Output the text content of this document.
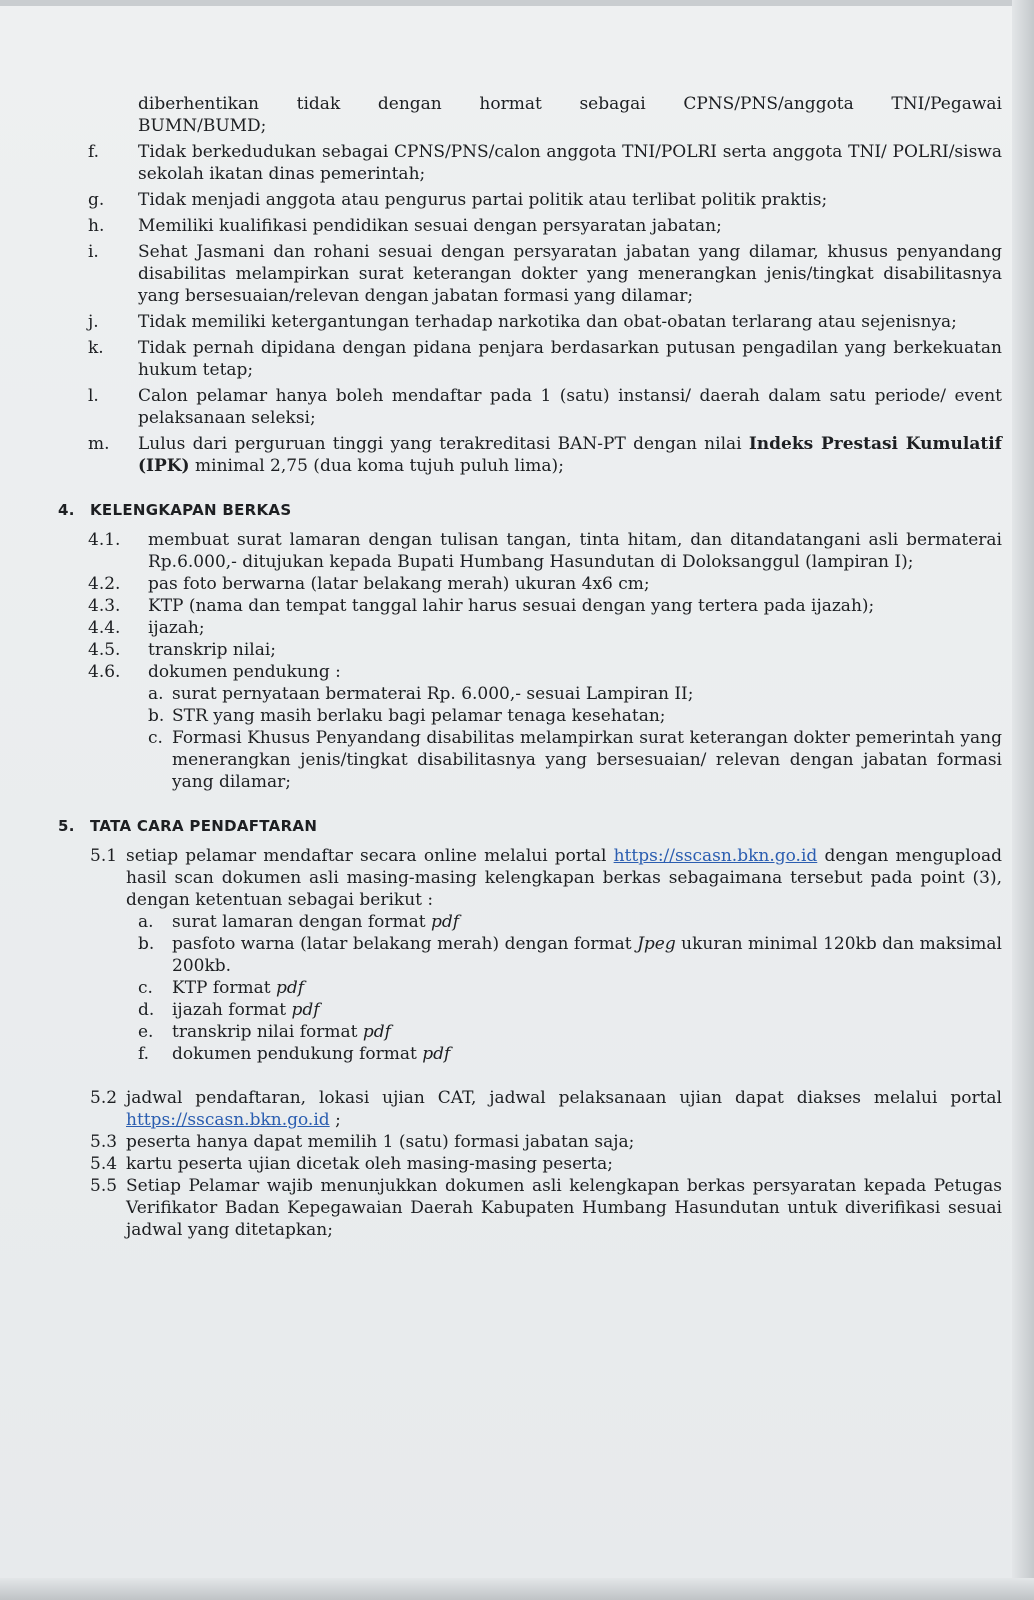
diberhentikan tidak dengan hormat sebagai CPNS/PNS/anggota TNI/Pegawai
BUMN/BUMD;
f.	Tidak berkedudukan sebagai CPNS/PNS/calon anggota TNI/POLRI serta anggota TNI/ POLRI/siswa sekolah ikatan dinas pemerintah;
g.	Tidak menjadi anggota atau pengurus partai politik atau terlibat politik praktis;
h.	Memiliki kualifikasi pendidikan sesuai dengan persyaratan jabatan;
i.	Sehat Jasmani dan rohani sesuai dengan persyaratan jabatan yang dilamar, khusus penyandang disabilitas melampirkan surat keterangan dokter yang menerangkan jenis/tingkat disabilitasnya yang bersesuaian/relevan dengan jabatan formasi yang dilamar;
j.	Tidak memiliki ketergantungan terhadap narkotika dan obat-obatan terlarang atau sejenisnya;
k.	Tidak pernah dipidana dengan pidana penjara berdasarkan putusan pengadilan yang berkekuatan hukum tetap;
l.	Calon pelamar hanya boleh mendaftar pada 1 (satu) instansi/ daerah dalam satu periode/ event pelaksanaan seleksi;
m.	Lulus dari perguruan tinggi yang terakreditasi BAN-PT dengan nilai Indeks Prestasi Kumulatif (IPK) minimal 2,75 (dua koma tujuh puluh lima);
4.	KELENGKAPAN BERKAS
4.1.	membuat surat lamaran dengan tulisan tangan, tinta hitam, dan ditandatangani asli bermaterai Rp.6.000,- ditujukan kepada Bupati Humbang Hasundutan di Doloksanggul (lampiran I);
4.2.	pas foto berwarna (latar belakang merah) ukuran 4x6 cm;
4.3.	KTP (nama dan tempat tanggal lahir harus sesuai dengan yang tertera pada ijazah);
4.4.	ijazah;
4.5.	transkrip nilai;
4.6.	dokumen pendukung :
a. surat pernyataan bermaterai Rp. 6.000,- sesuai Lampiran II;
b. STR yang masih berlaku bagi pelamar tenaga kesehatan;
c. Formasi Khusus Penyandang disabilitas melampirkan surat keterangan dokter pemerintah yang menerangkan jenis/tingkat disabilitasnya yang bersesuaian/ relevan dengan jabatan formasi yang dilamar;
5.	TATA CARA PENDAFTARAN
5.1 setiap pelamar mendaftar secara online melalui portal https://sscasn.bkn.go.id dengan mengupload hasil scan dokumen asli masing-masing kelengkapan berkas sebagaimana tersebut pada point (3), dengan ketentuan sebagai berikut :
a.	surat lamaran dengan format pdf
b.	pasfoto warna (latar belakang merah) dengan format Jpeg ukuran minimal 120kb dan maksimal 200kb.
c.	KTP format pdf
d.	ijazah format pdf
e.	transkrip nilai format pdf
f.	dokumen pendukung format pdf
5.2 jadwal pendaftaran, lokasi ujian CAT, jadwal pelaksanaan ujian dapat diakses melalui portal https://sscasn.bkn.go.id ;
5.3 peserta hanya dapat memilih 1 (satu) formasi jabatan saja;
5.4 kartu peserta ujian dicetak oleh masing-masing peserta;
5.5 Setiap Pelamar wajib menunjukkan dokumen asli kelengkapan berkas persyaratan kepada Petugas Verifikator Badan Kepegawaian Daerah Kabupaten Humbang Hasundutan untuk diverifikasi sesuai jadwal yang ditetapkan;
